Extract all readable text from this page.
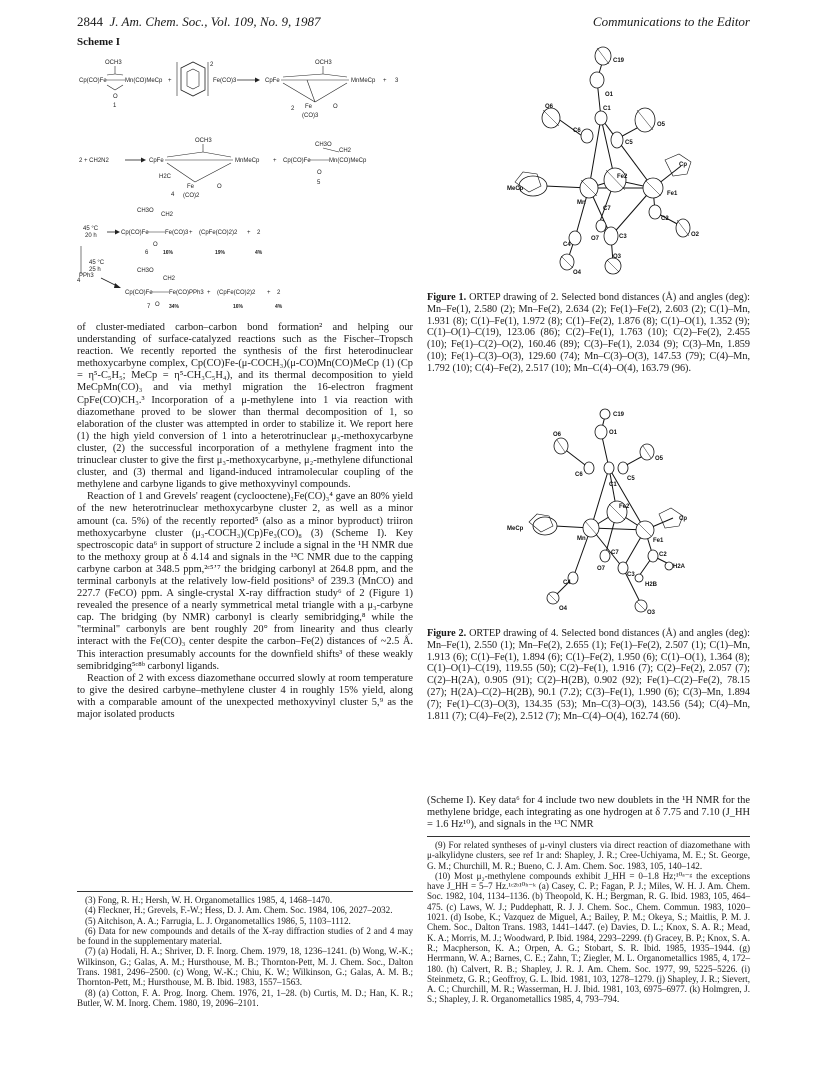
2844 J. Am. Chem. Soc., Vol. 109, No. 9, 1987	Communications to the Editor
Scheme I
OCH3
Cp(CO)Fe	Mn(CO)MeCp
O
1
+	Fe(CO)3
2	OCH3
CpFe	MnMeCp
Fe
(CO)3
2	O
+ 3
2 + CH2N2
OCH3
CpFe	MnMeCp
H2C
Fe
(CO)2
4
O
+
CH3O
CH2
Cp(CO)Fe	Mn(CO)MeCp
O
5
CH3O
CH2
45 °C
20 h	Cp(CO)Fe	Fe(CO)3
O
6	16%
+ (CpFe(CO)2)2
19%
+ 2
4%
4
45 °C
25 h
PPh3
CH3O
CH2
Cp(CO)Fe	Fe(CO)PPh3
O
7	34%
+ (CpFe(CO)2)2
16%
+ 2
4%

of cluster-mediated carbon–carbon bond formation² and helping our understanding of surface-catalyzed reactions such as the Fischer–Tropsch reaction. We recently reported the synthesis of the first heterodinuclear methoxycarbyne complex, Cp(CO)Fe-(μ-COCH₃)(μ-CO)Mn(CO)MeCp (1) (Cp = η⁵-C₅H₅; MeCp = η⁵-CH₃C₅H₄), and its thermal decomposition to yield MeCpMn(CO)₃ and via methyl migration the 16-electron fragment CpFe(CO)CH₃.³ Incorporation of a μ-methylene into 1 via reaction with diazomethane proved to be slower than thermal decomposition of 1, so elaboration of the cluster was attempted in order to stabilize it. We report here (1) the high yield conversion of 1 into a heterotrinuclear μ₃-methoxycarbyne cluster, (2) the successful incorporation of a methylene fragment into the trinuclear cluster to give the first μ₃-methoxycarbyne, μ₂-methylene difunctional cluster, and (3) thermal and ligand-induced intramolecular coupling of the methylene and carbyne ligands to give methoxyvinyl compounds.

Reaction of 1 and Grevels' reagent (cyclooctene)₂Fe(CO)₃⁴ gave an 80% yield of the new heterotrinuclear methoxycarbyne cluster 2, as well as a minor amount (ca. 5%) of the recently reported⁵ (also as a minor byproduct) triiron methoxycarbyne cluster (μ₃-COCH₃)(Cp)Fe₃(CO)₈ (3) (Scheme I). Key spectroscopic data⁶ in support of structure 2 include a signal in the ¹H NMR due to the methoxy group at δ 4.14 and signals in the ¹³C NMR due to the capping carbyne carbon at 348.5 ppm,²ᶜ⁵ʼ⁷ the bridging carbonyl at 264.8 ppm, and the terminal carbonyls at the relatively low-field positions³ of 239.3 (MnCO) and 227.7 (FeCO) ppm. A single-crystal X-ray diffraction study⁶ of 2 (Figure 1) revealed the presence of a nearly symmetrical metal triangle with a μ₃-carbyne cap. The bridging (by NMR) carbonyl is clearly semibridging,⁸ while the "terminal" carbonyls are bent roughly 20° from linearity and thus clearly interact with the Fe(CO)₃ center despite the carbon–Fe(2) distances of ~2.5 Å. This interaction presumably accounts for the downfield shifts³ of these weakly semibridging⁵ᶜ⁸ᵇ carbonyl ligands.

Reaction of 2 with excess diazomethane occurred slowly at room temperature to give the desired carbyne–methylene cluster 4 in roughly 15% yield, along with a comparable amount of the unexpected methoxyvinyl cluster 5,⁹ as the major isolated products

(3) Fong, R. H.; Hersh, W. H. Organometallics 1985, 4, 1468–1470.

(4) Fleckner, H.; Grevels, F.-W.; Hess, D. J. Am. Chem. Soc. 1984, 106, 2027–2032.

(5) Aitchison, A. A.; Farrugia, L. J. Organometallics 1986, 5, 1103–1112.

(6) Data for new compounds and details of the X-ray diffraction studies of 2 and 4 may be found in the supplementary material.

(7) (a) Hodali, H. A.; Shriver, D. F. Inorg. Chem. 1979, 18, 1236–1241. (b) Wong, W.-K.; Wilkinson, G.; Galas, A. M.; Hursthouse, M. B.; Thornton-Pett, M. J. Chem. Soc., Dalton Trans. 1981, 2496–2500. (c) Wong, W.-K.; Chiu, K. W.; Wilkinson, G.; Galas, A. M. B.; Thornton-Pett, M.; Hursthouse, M. B. Ibid. 1983, 1557–1563.

(8) (a) Cotton, F. A. Prog. Inorg. Chem. 1976, 21, 1–28. (b) Curtis, M. D.; Han, K. R.; Butler, W. M. Inorg. Chem. 1980, 19, 2096–2101.

C19
O1
O6
C6
C1
O5
C5
Fe2
Cp
MeCp
Fe1
Mn
C7
C2
O2
C3
C4
O7
O3
O4
Figure 1. ORTEP drawing of 2. Selected bond distances (Å) and angles (deg): Mn–Fe(1), 2.580 (2); Mn–Fe(2), 2.634 (2); Fe(1)–Fe(2), 2.603 (2); C(1)–Mn, 1.931 (8); C(1)–Fe(1), 1.972 (8); C(1)–Fe(2), 1.876 (8); C(1)–O(1), 1.352 (9); C(1)–O(1)–C(19), 123.06 (86); C(2)–Fe(1), 1.763 (10); C(2)–Fe(2), 2.455 (10); Fe(1)–C(2)–O(2), 160.46 (89); C(3)–Fe(1), 2.034 (9); C(3)–Mn, 1.859 (10); Fe(1)–C(3)–O(3), 129.60 (74); Mn–C(3)–O(3), 147.53 (79); C(4)–Mn, 1.792 (10); C(4)–Fe(2), 2.517 (10); Mn–C(4)–O(4), 163.79 (96).
C19
O6	O1
C6
O5
C1
C5
Fe2
MeCp
Cp
Mn	Fe1
C7	C2
H2A
O7
C4
C3
H2B
O4
O3
Figure 2. ORTEP drawing of 4. Selected bond distances (Å) and angles (deg): Mn–Fe(1), 2.550 (1); Mn–Fe(2), 2.655 (1); Fe(1)–Fe(2), 2.507 (1); C(1)–Mn, 1.913 (6); C(1)–Fe(1), 1.894 (6); C(1)–Fe(2), 1.950 (6); C(1)–O(1), 1.364 (8); C(1)–O(1)–C(19), 119.55 (50); C(2)–Fe(1), 1.916 (7); C(2)–Fe(2), 2.057 (7); C(2)–H(2A), 0.905 (91); C(2)–H(2B), 0.902 (92); Fe(1)–C(2)–Fe(2), 78.15 (27); H(2A)–C(2)–H(2B), 90.1 (7.2); C(3)–Fe(1), 1.990 (6); C(3)–Mn, 1.894 (7); Fe(1)–C(3)–O(3), 134.35 (53); Mn–C(3)–O(3), 143.56 (54); C(4)–Mn, 1.811 (7); C(4)–Fe(2), 2.512 (7); Mn–C(4)–O(4), 162.74 (60).

(Scheme I). Key data⁶ for 4 include two new doublets in the ¹H NMR for the methylene bridge, each integrating as one hydrogen at δ 7.75 and 7.10 (J_HH = 1.6 Hz¹⁰), and signals in the ¹³C NMR

(9) For related syntheses of μ-vinyl clusters via direct reaction of diazomethane with μ-alkylidyne clusters, see ref 1r and: Shapley, J. R.; Cree-Uchiyama, M. E.; St. George, G. M.; Churchill, M. R.; Bueno, C. J. Am. Chem. Soc. 1983, 105, 140–142.

(10) Most μ₂-methylene compounds exhibit J_HH = 0–1.8 Hz;¹⁰ᵃ⁻ᵍ the exceptions have J_HH = 5–7 Hz.¹ᶜ²ᵇ¹⁰ʰ⁻ᵏ (a) Casey, C. P.; Fagan, P. J.; Miles, W. H. J. Am. Chem. Soc. 1982, 104, 1134–1136. (b) Theopold, K. H.; Bergman, R. G. Ibid. 1983, 105, 464–475. (c) Laws, W. J.; Puddephatt, R. J. J. Chem. Soc., Chem. Commun. 1983, 1020–1021. (d) Isobe, K.; Vazquez de Miguel, A.; Bailey, P. M.; Okeya, S.; Maitlis, P. M. J. Chem. Soc., Dalton Trans. 1983, 1441–1447. (e) Davies, D. L.; Knox, S. A. R.; Mead, K. A.; Morris, M. J.; Woodward, P. Ibid. 1984, 2293–2299. (f) Gracey, B. P.; Knox, S. A. R.; Macpherson, K. A.; Orpen, A. G.; Stobart, S. R. Ibid. 1985, 1935–1944. (g) Herrmann, W. A.; Barnes, C. E.; Zahn, T.; Ziegler, M. L. Organometallics 1985, 4, 172–180. (h) Calvert, R. B.; Shapley, J. R. J. Am. Chem. Soc. 1977, 99, 5225–5226. (i) Steinmetz, G. R.; Geoffroy, G. L. Ibid. 1981, 103, 1278–1279. (j) Shapley, J. R.; Sievert, A. C.; Churchill, M. R.; Wasserman, H. J. Ibid. 1981, 103, 6975–6977. (k) Holmgren, J. S.; Shapley, J. R. Organometallics 1985, 4, 793–794.
